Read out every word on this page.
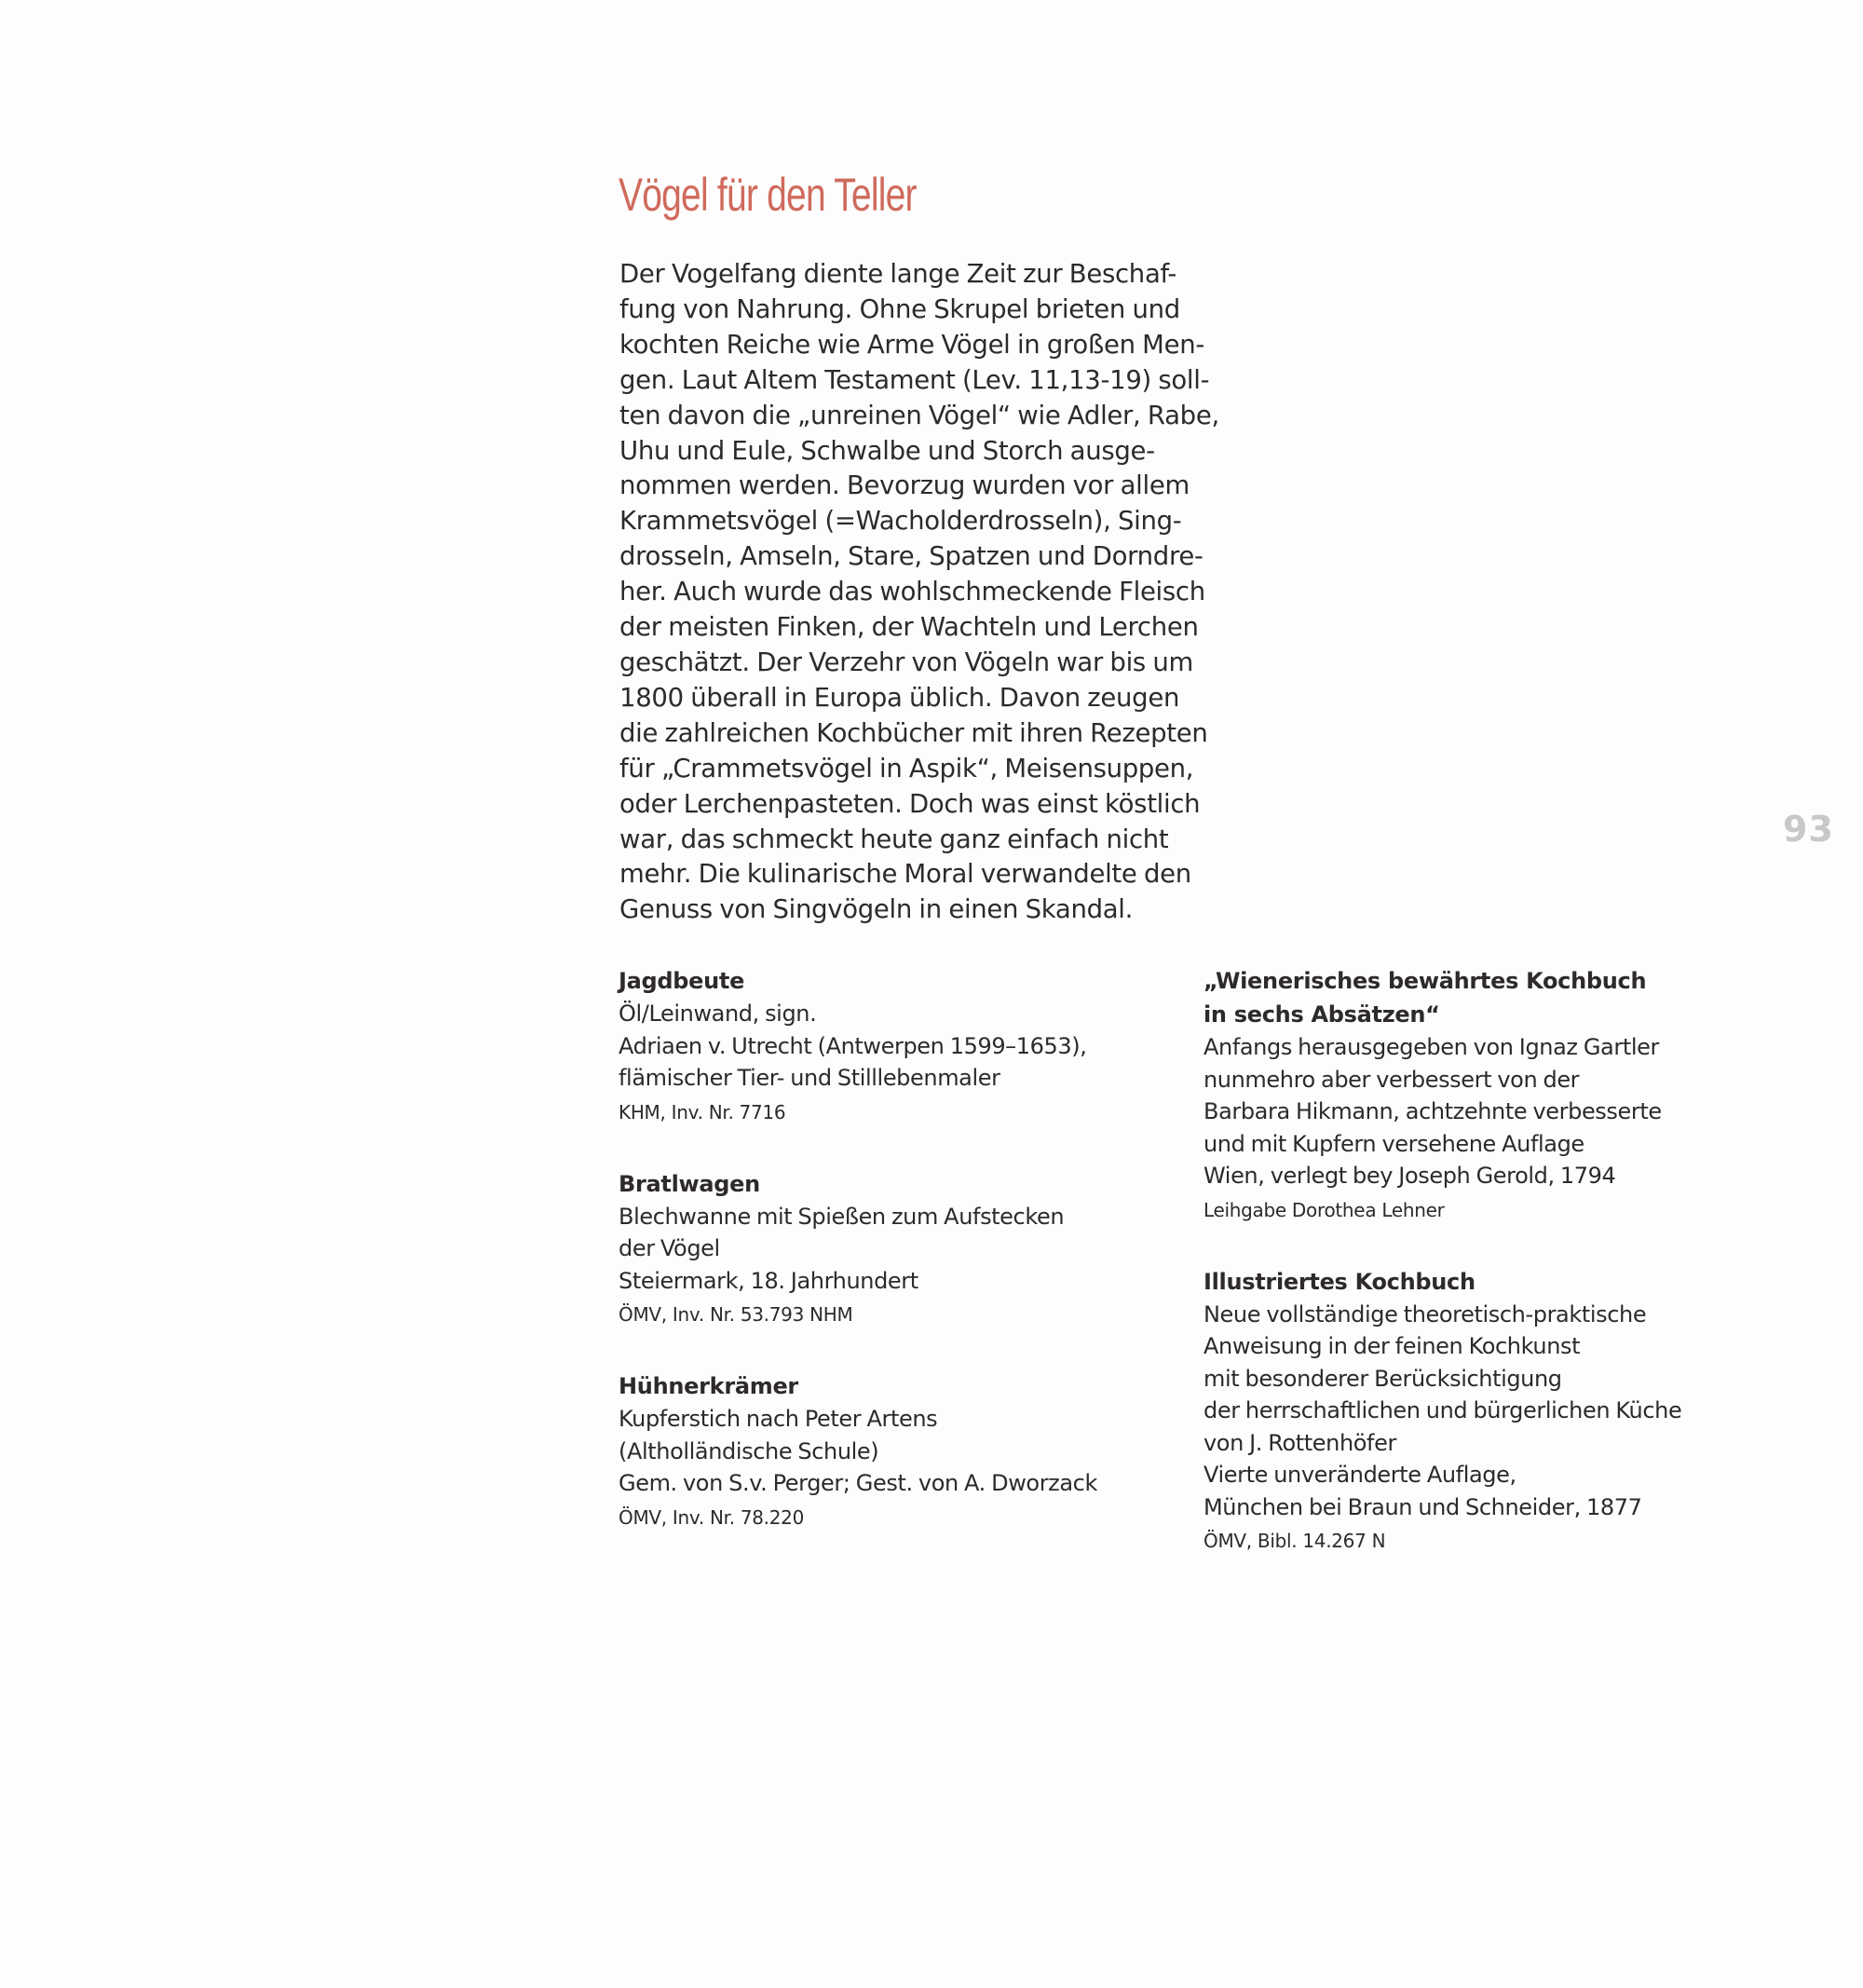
Vögel für den Teller
Der Vogelfang diente lange Zeit zur Beschaf-
fung von Nahrung. Ohne Skrupel brieten und
kochten Reiche wie Arme Vögel in großen Men-
gen. Laut Altem Testament (Lev. 11,13-19) soll-
ten davon die „unreinen Vögel“ wie Adler, Rabe,
Uhu und Eule, Schwalbe und Storch ausge-
nommen werden. Bevorzug wurden vor allem
Krammetsvögel (=Wacholderdrosseln), Sing-
drosseln, Amseln, Stare, Spatzen und Dorndre-
her. Auch wurde das wohlschmeckende Fleisch
der meisten Finken, der Wachteln und Lerchen
geschätzt. Der Verzehr von Vögeln war bis um
1800 überall in Europa üblich. Davon zeugen
die zahlreichen Kochbücher mit ihren Rezepten
für „Crammetsvögel in Aspik“, Meisensuppen,
oder Lerchenpasteten. Doch was einst köstlich
war, das schmeckt heute ganz einfach nicht
mehr. Die kulinarische Moral verwandelte den
Genuss von Singvögeln in einen Skandal.
Jagdbeute
Öl/Leinwand, sign.
Adriaen v. Utrecht (Antwerpen 1599–1653),
flämischer Tier- und Stilllebenmaler
KHM, Inv. Nr. 7716
Bratlwagen
Blechwanne mit Spießen zum Aufstecken
der Vögel
Steiermark, 18. Jahrhundert
ÖMV, Inv. Nr. 53.793 NHM
Hühnerkrämer
Kupferstich nach Peter Artens
(Altholländische Schule)
Gem. von S.v. Perger; Gest. von A. Dworzack
ÖMV, Inv. Nr. 78.220
„Wienerisches bewährtes Kochbuch
in sechs Absätzen“
Anfangs herausgegeben von Ignaz Gartler
nunmehro aber verbessert von der
Barbara Hikmann, achtzehnte verbesserte
und mit Kupfern versehene Auflage
Wien, verlegt bey Joseph Gerold, 1794
Leihgabe Dorothea Lehner
Illustriertes Kochbuch
Neue vollständige theoretisch-praktische
Anweisung in der feinen Kochkunst
mit besonderer Berücksichtigung
der herrschaftlichen und bürgerlichen Küche
von J. Rottenhöfer
Vierte unveränderte Auflage,
München bei Braun und Schneider, 1877
ÖMV, Bibl. 14.267 N
93
